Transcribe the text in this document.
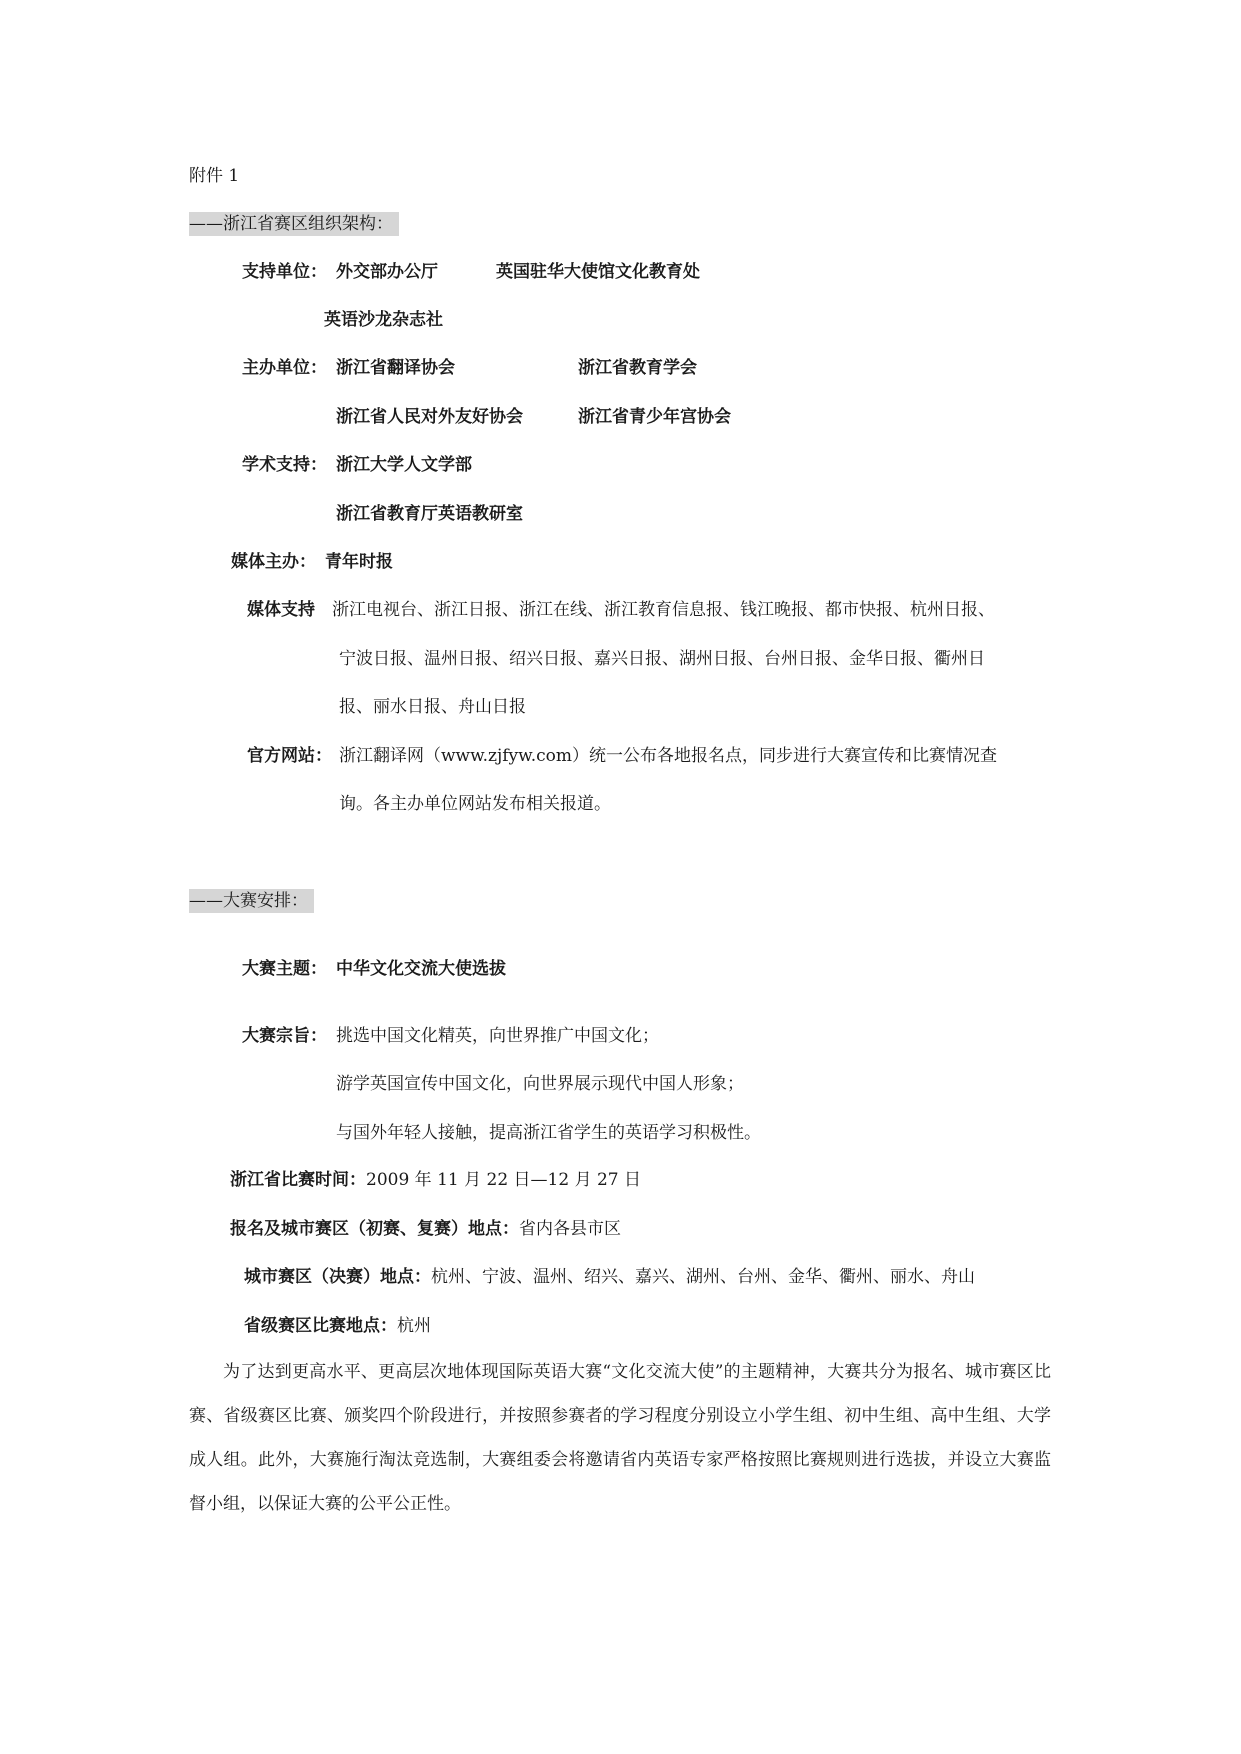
附件 1
——浙江省赛区组织架构：
支持单位： 外交部办公厅	英国驻华大使馆文化教育处
英语沙龙杂志社
主办单位： 浙江省翻译协会	浙江省教育学会
浙江省人民对外友好协会	浙江省青少年宫协会
学术支持： 浙江大学人文学部
浙江省教育厅英语教研室
媒体主办： 青年时报
媒体支持 浙江电视台、浙江日报、浙江在线、浙江教育信息报、钱江晚报、都市快报、杭州日报、
宁波日报、温州日报、绍兴日报、嘉兴日报、湖州日报、台州日报、金华日报、衢州日
报、丽水日报、舟山日报
官方网站： 浙江翻译网（www.zjfyw.com）统一公布各地报名点，同步进行大赛宣传和比赛情况查
询。各主办单位网站发布相关报道。
——大赛安排：
大赛主题： 中华文化交流大使选拔
大赛宗旨： 挑选中国文化精英，向世界推广中国文化；
游学英国宣传中国文化，向世界展示现代中国人形象；
与国外年轻人接触，提高浙江省学生的英语学习积极性。
浙江省比赛时间：2009 年 11 月 22 日—12 月 27 日
报名及城市赛区（初赛、复赛）地点：省内各县市区
城市赛区（决赛）地点：杭州、宁波、温州、绍兴、嘉兴、湖州、台州、金华、衢州、丽水、舟山
省级赛区比赛地点：杭州
为了达到更高水平、更高层次地体现国际英语大赛“文化交流大使”的主题精神，大赛共分为报名、城市赛区比赛、省级赛区比赛、颁奖四个阶段进行，并按照参赛者的学习程度分别设立小学生组、初中生组、高中生组、大学成人组。此外，大赛施行淘汰竞选制，大赛组委会将邀请省内英语专家严格按照比赛规则进行选拔，并设立大赛监督小组，以保证大赛的公平公正性。
